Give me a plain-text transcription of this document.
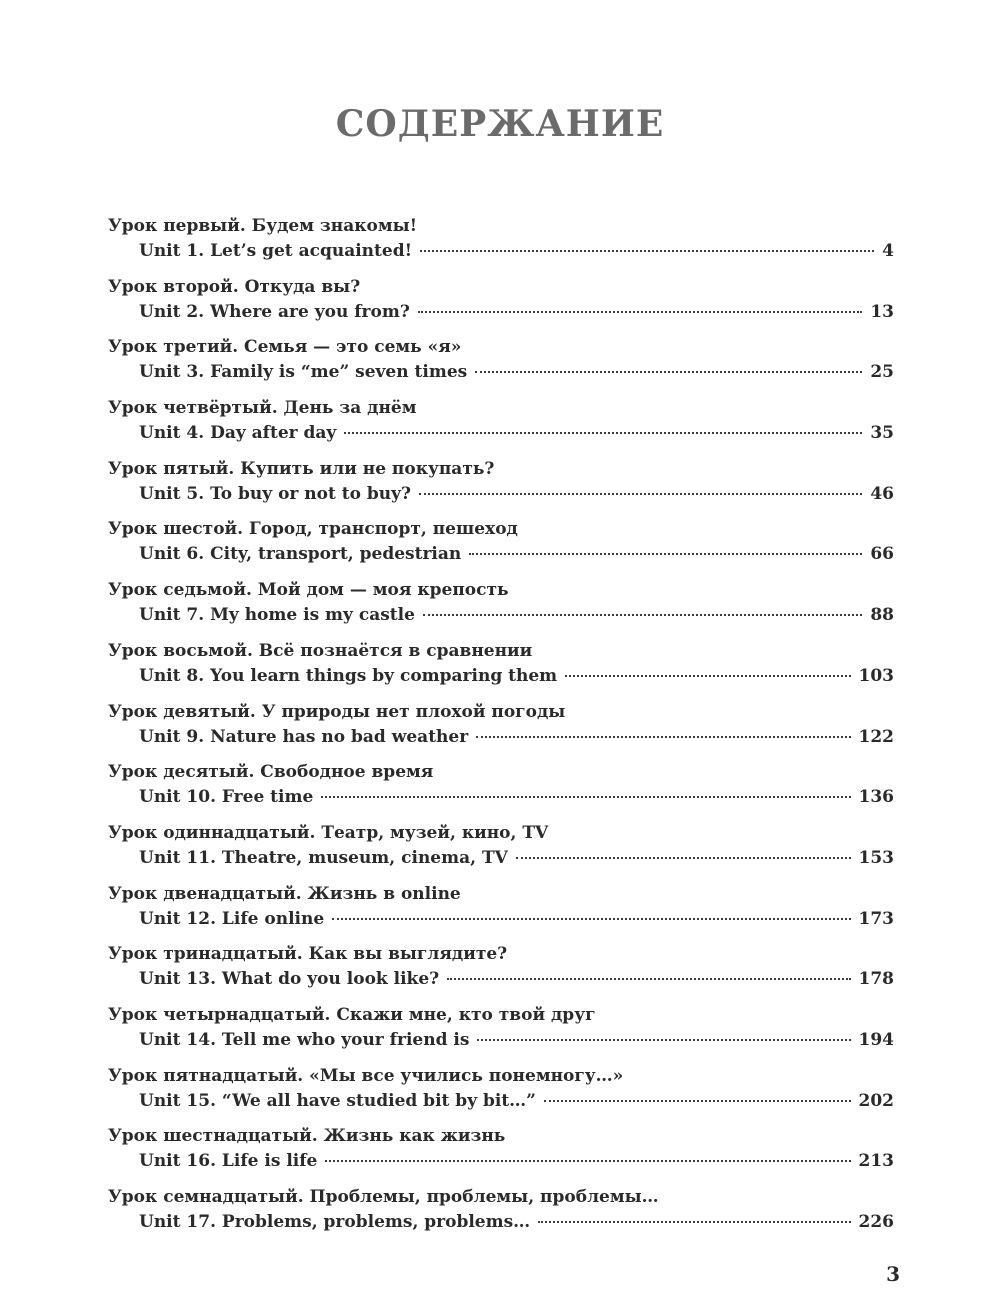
СОДЕРЖАНИЕ
Урок первый. Будем знакомы!
Unit 1. Let’s get acquainted!	4
Урок второй. Откуда вы?
Unit 2. Where are you from?	13
Урок третий. Семья — это семь «я»
Unit 3. Family is “me” seven times	25
Урок четвёртый. День за днём
Unit 4. Day after day	35
Урок пятый. Купить или не покупать?
Unit 5. To buy or not to buy?	46
Урок шестой. Город, транспорт, пешеход
Unit 6. City, transport, pedestrian	66
Урок седьмой. Мой дом — моя крепость
Unit 7. My home is my castle	88
Урок восьмой. Всё познаётся в сравнении
Unit 8. You learn things by comparing them	103
Урок девятый. У природы нет плохой погоды
Unit 9. Nature has no bad weather	122
Урок десятый. Свободное время
Unit 10. Free time	136
Урок одиннадцатый. Театр, музей, кино, TV
Unit 11. Theatre, museum, cinema, TV	153
Урок двенадцатый. Жизнь в online
Unit 12. Life online	173
Урок тринадцатый. Как вы выглядите?
Unit 13. What do you look like?	178
Урок четырнадцатый. Скажи мне, кто твой друг
Unit 14. Tell me who your friend is	194
Урок пятнадцатый. «Мы все учились понемногу…»
Unit 15. “We all have studied bit by bit…”	202
Урок шестнадцатый. Жизнь как жизнь
Unit 16. Life is life	213
Урок семнадцатый. Проблемы, проблемы, проблемы…
Unit 17. Problems, problems, problems…	226
3
